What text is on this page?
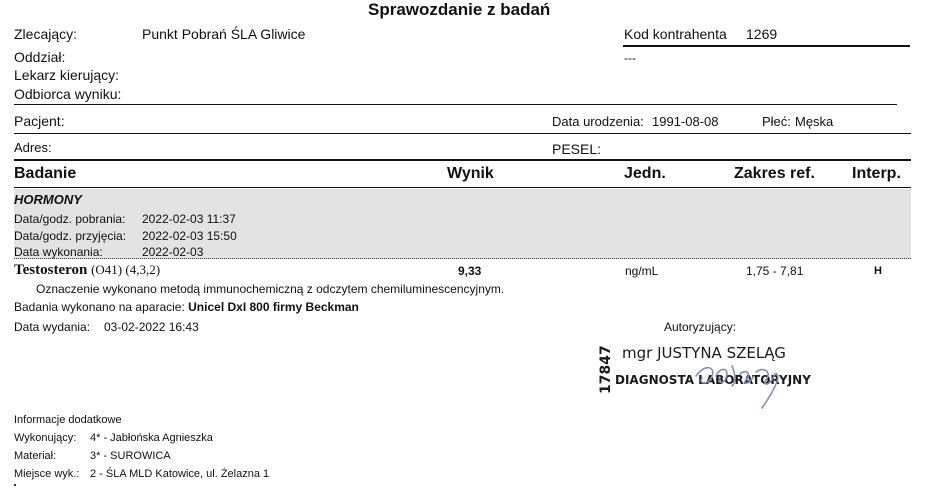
Sprawozdanie z badań
Zlecający:	Punkt Pobrań ŚLA Gliwice	Kod kontrahenta 1269
Oddział:	---
Lekarz kierujący:
Odbiorca wyniku:
Pacjent:	Data urodzenia: 1991-08-08	Płeć: Męska
Adres:	PESEL:
Badanie	Wynik	Jedn.	Zakres ref. Interp.
HORMONY
Data/godz. pobrania: 2022-02-03 11:37
Data/godz. przyjęcia: 2022-02-03 15:50
Data wykonania:	2022-02-03
Testosteron (O41) (4,3,2)	9,33	ng/mL	1,75 - 7,81	H
Oznaczenie wykonano metodą immunochemiczną z odczytem chemiluminescencyjnym.
Badania wykonano na aparacie: Unicel DxI 800 firmy Beckman
Data wydania: 03-02-2022 16:43	Autoryzujący:
17847 mgr JUSTYNA SZELĄG
DIAGNOSTA LABORATORYJNY
Informacje dodatkowe
Wykonujący: 4* - Jabłońska Agnieszka
Materiał:	3* - SUROWICA
Miejsce wyk.: 2 - ŚLA MLD Katowice, ul. Żelazna 1
